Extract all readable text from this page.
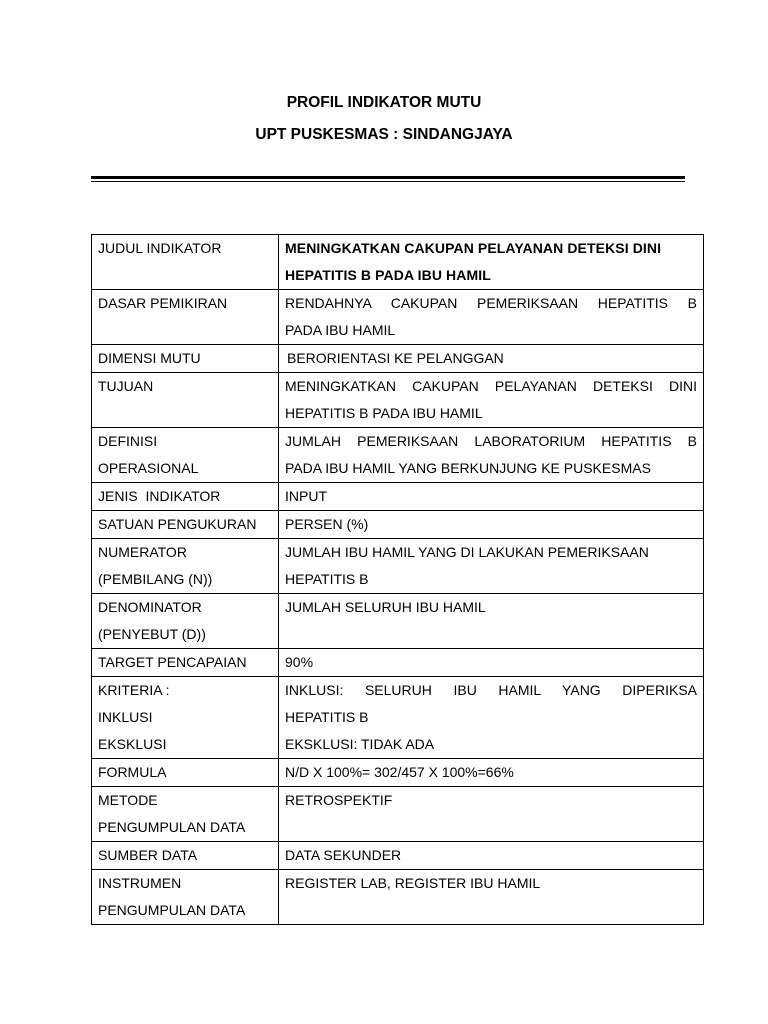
PROFIL INDIKATOR MUTU
UPT PUSKESMAS : SINDANGJAYA
JUDUL INDIKATOR	MENINGKATKAN CAKUPAN PELAYANAN DETEKSI DINI
HEPATITIS B PADA IBU HAMIL

DASAR PEMIKIRAN	RENDAHNYA CAKUPAN PEMERIKSAAN HEPATITIS B
PADA IBU HAMIL

DIMENSI MUTU	BERORIENTASI KE PELANGGAN
TUJUAN	MENINGKATKAN CAKUPAN PELAYANAN DETEKSI DINI
HEPATITIS B PADA IBU HAMIL

DEFINISI
OPERASIONAL	JUMLAH PEMERIKSAAN LABORATORIUM HEPATITIS B
PADA IBU HAMIL YANG BERKUNJUNG KE PUSKESMAS

JENIS  INDIKATOR	INPUT
SATUAN PENGUKURAN	PERSEN (%)

NUMERATOR
(PEMBILANG (N))	JUMLAH IBU HAMIL YANG DI LAKUKAN PEMERIKSAAN
HEPATITIS B

DENOMINATOR
(PENYEBUT (D))	JUMLAH SELURUH IBU HAMIL
TARGET PENCAPAIAN	90%

KRITERIA :
INKLUSI
EKSKLUSI	INKLUSI: SELURUH IBU HAMIL YANG DIPERIKSA
HEPATITIS B
EKSKLUSI: TIDAK ADA

FORMULA	N/D X 100%= 302/457 X 100%=66%

METODE
PENGUMPULAN DATA	RETROSPEKTIF
SUMBER DATA	DATA SEKUNDER

INSTRUMEN
PENGUMPULAN DATA	REGISTER LAB, REGISTER IBU HAMIL
